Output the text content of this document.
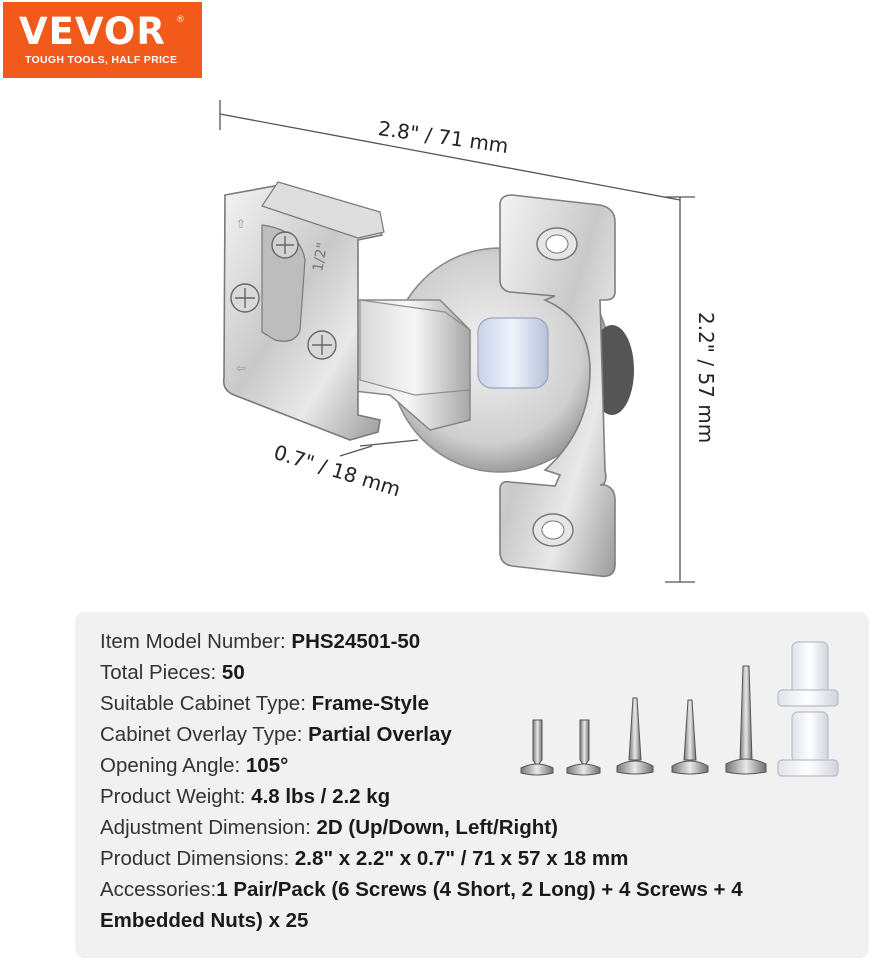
VEVOR ®
TOUGH TOOLS, HALF PRICE
1/2"
⇧
⇦
2.8" / 71 mm
0.7" / 18 mm
2.2" / 57 mm
Item Model Number: PHS24501-50
Total Pieces: 50
Suitable Cabinet Type: Frame-Style
Cabinet Overlay Type: Partial Overlay
Opening Angle: 105°
Product Weight: 4.8 lbs / 2.2 kg
Adjustment Dimension: 2D (Up/Down, Left/Right)
Product Dimensions: 2.8" x 2.2" x 0.7" / 71 x 57 x 18 mm
Accessories:1 Pair/Pack (6 Screws (4 Short, 2 Long) + 4 Screws + 4 Embedded Nuts) x 25
